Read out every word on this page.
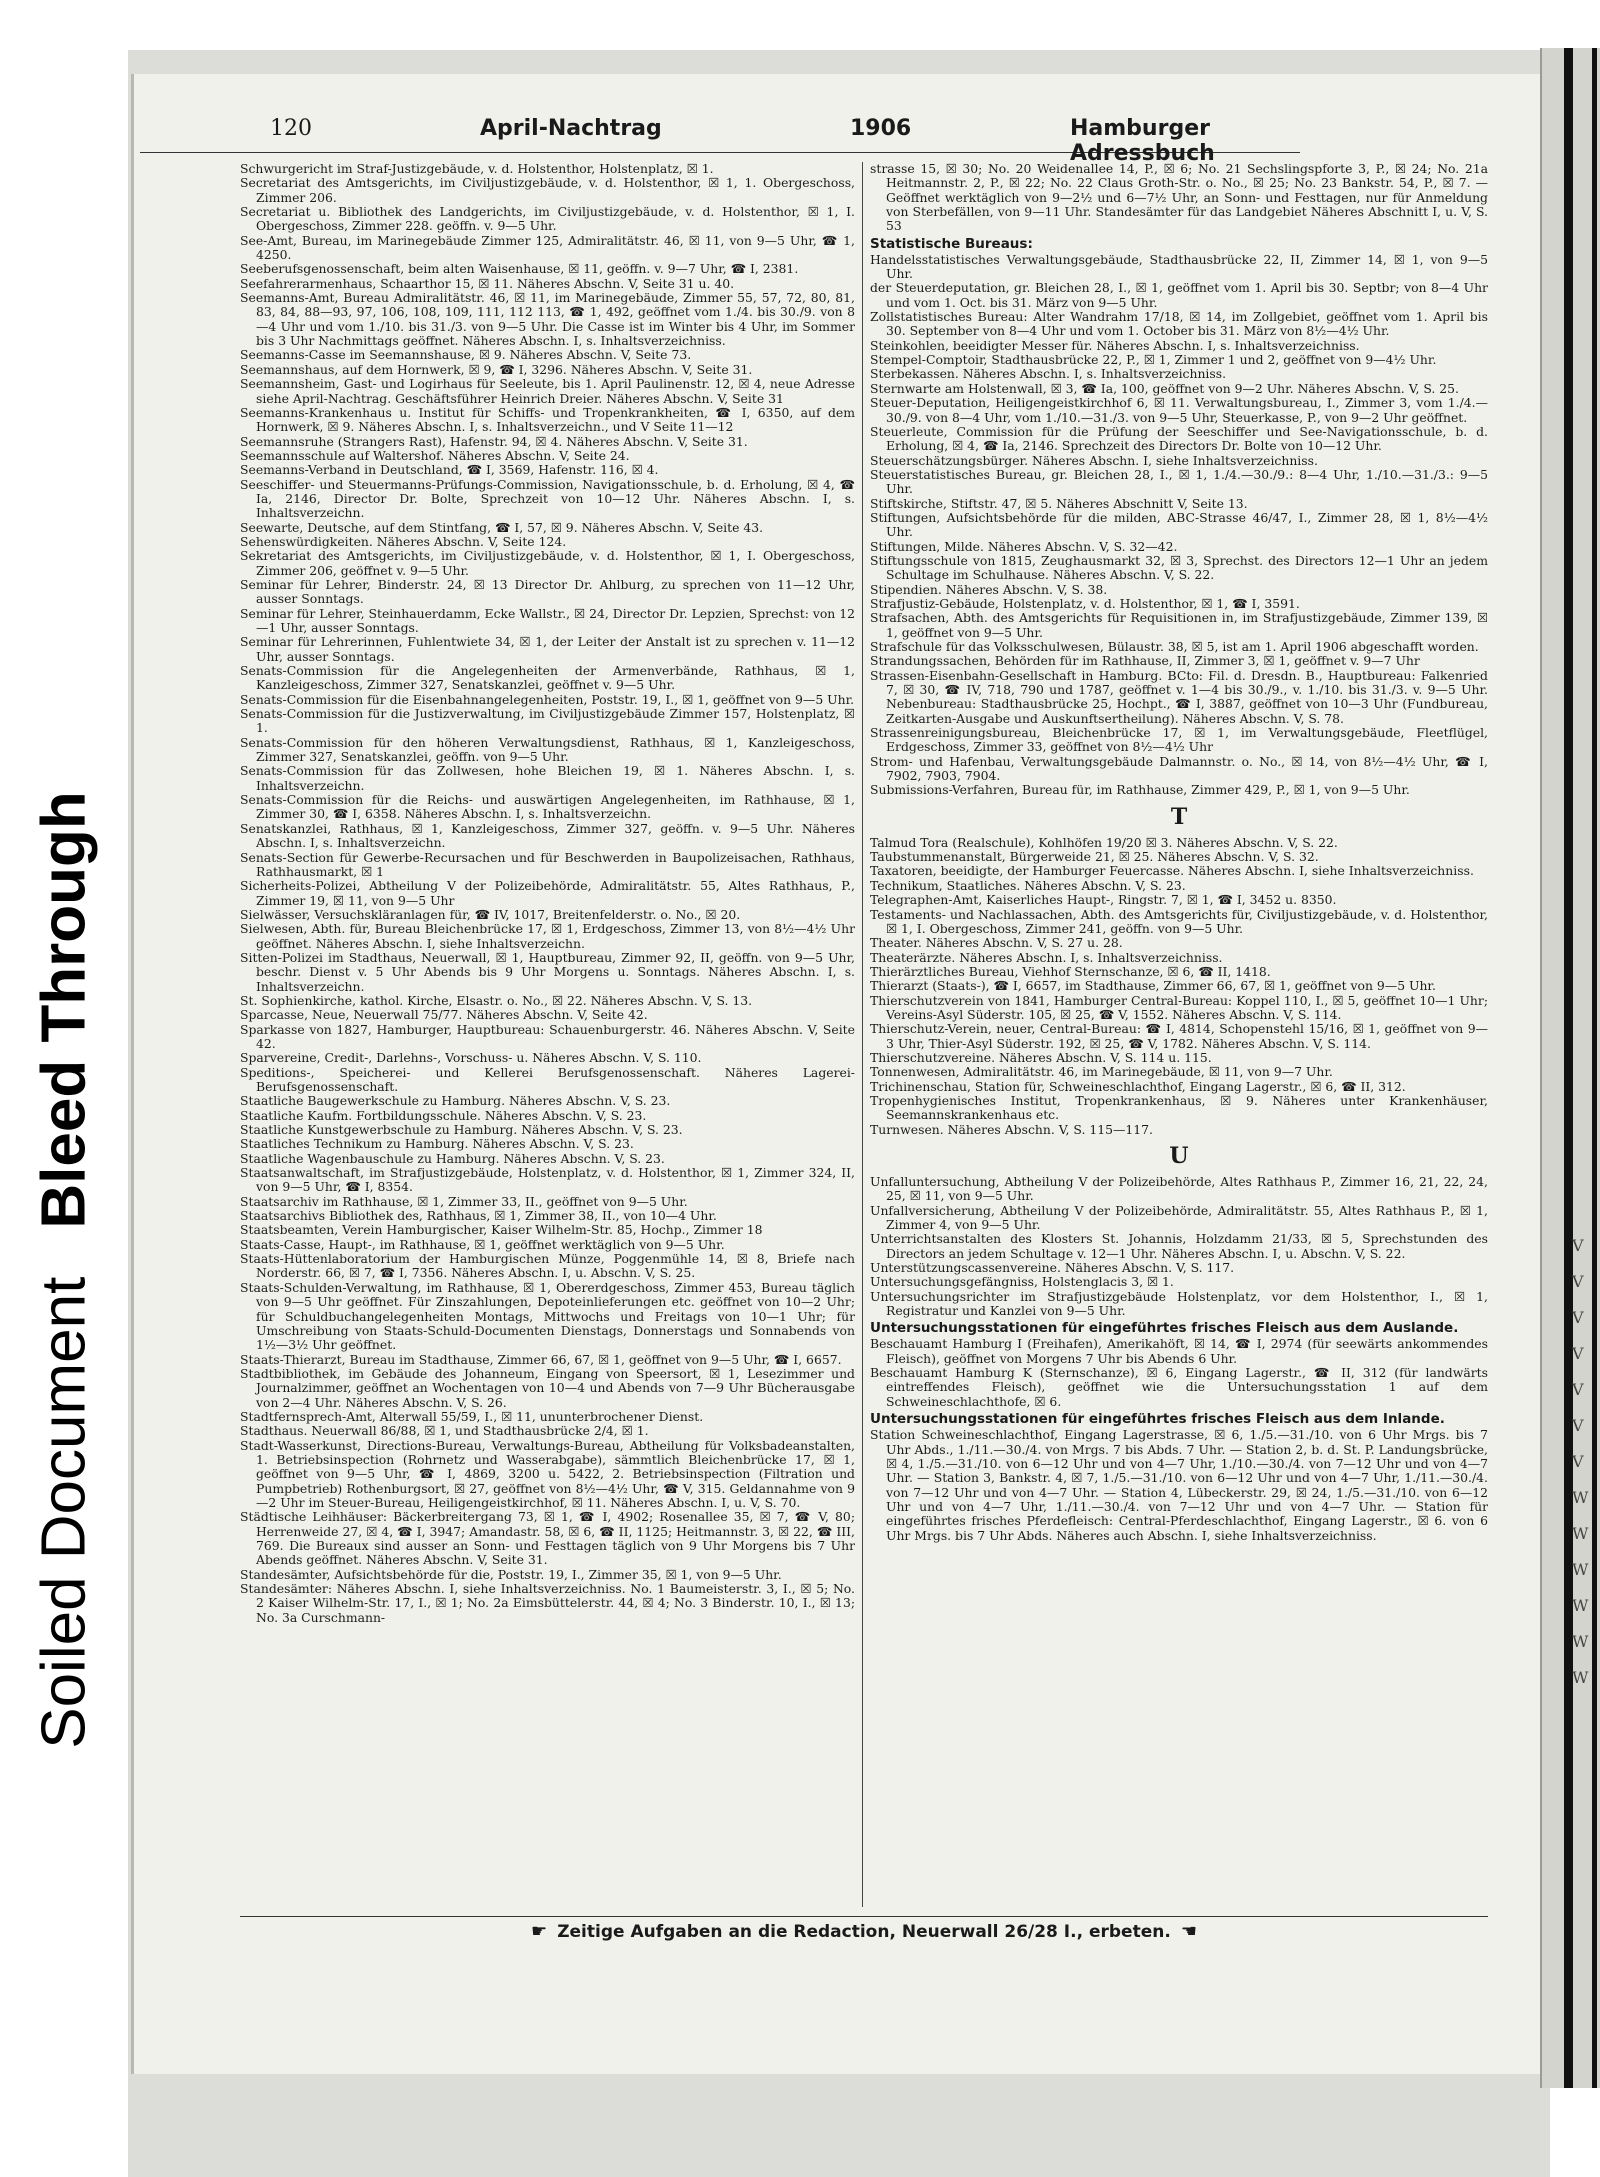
Soiled DocumentBleed Through
V
V
V
V
V
V
V
W
W
W
W
W
W
120	April-Nachtrag	1906	Hamburger Adressbuch

Schwurgericht im Straf-Justizgebäude, v. d. Holstenthor, Holstenplatz, ☒ 1.

Secretariat des Amtsgerichts, im Civiljustizgebäude, v. d. Holstenthor, ☒ 1, 1. Obergeschoss, Zimmer 206.

Secretariat u. Bibliothek des Landgerichts, im Civiljustizgebäude, v. d. Holstenthor, ☒ 1, I. Obergeschoss, Zimmer 228. geöffn. v. 9—5 Uhr.

See-Amt, Bureau, im Marinegebäude Zimmer 125, Admiralitätstr. 46, ☒ 11, von 9—5 Uhr, ☎ 1, 4250.

Seeberufsgenossenschaft, beim alten Waisenhause, ☒ 11, geöffn. v. 9—7 Uhr, ☎ I, 2381.

Seefahrerarmenhaus, Schaarthor 15, ☒ 11. Näheres Abschn. V, Seite 31 u. 40.

Seemanns-Amt, Bureau Admiralitätstr. 46, ☒ 11, im Marinegebäude, Zimmer 55, 57, 72, 80, 81, 83, 84, 88—93, 97, 106, 108, 109, 111, 112 113, ☎ 1, 492, geöffnet vom 1./4. bis 30./9. von 8—4 Uhr und vom 1./10. bis 31./3. von 9—5 Uhr. Die Casse ist im Winter bis 4 Uhr, im Sommer bis 3 Uhr Nachmittags geöffnet. Näheres Abschn. I, s. Inhaltsverzeichniss.

Seemanns-Casse im Seemannshause, ☒ 9. Näheres Abschn. V, Seite 73.

Seemannshaus, auf dem Hornwerk, ☒ 9, ☎ I, 3296. Näheres Abschn. V, Seite 31.

Seemannsheim, Gast- und Logirhaus für Seeleute, bis 1. April Paulinenstr. 12, ☒ 4, neue Adresse siehe April-Nachtrag. Geschäftsführer Heinrich Dreier. Näheres Abschn. V, Seite 31

Seemanns-Krankenhaus u. Institut für Schiffs- und Tropenkrankheiten, ☎ I, 6350, auf dem Hornwerk, ☒ 9. Näheres Abschn. I, s. Inhaltsverzeichn., und V Seite 11—12

Seemannsruhe (Strangers Rast), Hafenstr. 94, ☒ 4. Näheres Abschn. V, Seite 31.

Seemannsschule auf Waltershof. Näheres Abschn. V, Seite 24.

Seemanns-Verband in Deutschland, ☎ I, 3569, Hafenstr. 116, ☒ 4.

Seeschiffer- und Steuermanns-Prüfungs-Commission, Navigationsschule, b. d. Erholung, ☒ 4, ☎ Ia, 2146, Director Dr. Bolte, Sprechzeit von 10—12 Uhr. Näheres Abschn. I, s. Inhaltsverzeichn.

Seewarte, Deutsche, auf dem Stintfang, ☎ I, 57, ☒ 9. Näheres Abschn. V, Seite 43.

Sehenswürdigkeiten. Näheres Abschn. V, Seite 124.

Sekretariat des Amtsgerichts, im Civiljustizgebäude, v. d. Holstenthor, ☒ 1, I. Obergeschoss, Zimmer 206, geöffnet v. 9—5 Uhr.

Seminar für Lehrer, Binderstr. 24, ☒ 13 Director Dr. Ahlburg, zu sprechen von 11—12 Uhr, ausser Sonntags.

Seminar für Lehrer, Steinhauerdamm, Ecke Wallstr., ☒ 24, Director Dr. Lepzien, Sprechst: von 12—1 Uhr, ausser Sonntags.

Seminar für Lehrerinnen, Fuhlentwiete 34, ☒ 1, der Leiter der Anstalt ist zu sprechen v. 11—12 Uhr, ausser Sonntags.

Senats-Commission für die Angelegenheiten der Armenverbände, Rathhaus, ☒ 1, Kanzleigeschoss, Zimmer 327, Senatskanzlei, geöffnet v. 9—5 Uhr.

Senats-Commission für die Eisenbahnangelegenheiten, Poststr. 19, I., ☒ 1, geöffnet von 9—5 Uhr.

Senats-Commission für die Justizverwaltung, im Civiljustizgebäude Zimmer 157, Holstenplatz, ☒ 1.

Senats-Commission für den höheren Verwaltungsdienst, Rathhaus, ☒ 1, Kanzleigeschoss, Zimmer 327, Senatskanzlei, geöffn. von 9—5 Uhr.

Senats-Commission für das Zollwesen, hohe Bleichen 19, ☒ 1. Näheres Abschn. I, s. Inhaltsverzeichn.

Senats-Commission für die Reichs- und auswärtigen Angelegenheiten, im Rathhause, ☒ 1, Zimmer 30, ☎ I, 6358. Näheres Abschn. I, s. Inhaltsverzeichn.

Senatskanzlei, Rathhaus, ☒ 1, Kanzleigeschoss, Zimmer 327, geöffn. v. 9—5 Uhr. Näheres Abschn. I, s. Inhaltsverzeichn.

Senats-Section für Gewerbe-Recursachen und für Beschwerden in Baupolizeisachen, Rathhaus, Rathhausmarkt, ☒ 1

Sicherheits-Polizei, Abtheilung V der Polizeibehörde, Admiralitätstr. 55, Altes Rathhaus, P., Zimmer 19, ☒ 11, von 9—5 Uhr

Sielwässer, Versuchskläranlagen für, ☎ IV, 1017, Breitenfelderstr. o. No., ☒ 20.

Sielwesen, Abth. für, Bureau Bleichenbrücke 17, ☒ 1, Erdgeschoss, Zimmer 13, von 8½—4½ Uhr geöffnet. Näheres Abschn. I, siehe Inhaltsverzeichn.

Sitten-Polizei im Stadthaus, Neuerwall, ☒ 1, Hauptbureau, Zimmer 92, II, geöffn. von 9—5 Uhr, beschr. Dienst v. 5 Uhr Abends bis 9 Uhr Morgens u. Sonntags. Näheres Abschn. I, s. Inhaltsverzeichn.

St. Sophienkirche, kathol. Kirche, Elsastr. o. No., ☒ 22. Näheres Abschn. V, S. 13.

Sparcasse, Neue, Neuerwall 75/77. Näheres Abschn. V, Seite 42.

Sparkasse von 1827, Hamburger, Hauptbureau: Schauenburgerstr. 46. Näheres Abschn. V, Seite 42.

Sparvereine, Credit-, Darlehns-, Vorschuss- u. Näheres Abschn. V, S. 110.

Speditions-, Speicherei- und Kellerei Berufsgenossenschaft. Näheres Lagerei-Berufsgenossenschaft.

Staatliche Baugewerkschule zu Hamburg. Näheres Abschn. V, S. 23.

Staatliche Kaufm. Fortbildungsschule. Näheres Abschn. V, S. 23.

Staatliche Kunstgewerbschule zu Hamburg. Näheres Abschn. V, S. 23.

Staatliches Technikum zu Hamburg. Näheres Abschn. V, S. 23.

Staatliche Wagenbauschule zu Hamburg. Näheres Abschn. V, S. 23.

Staatsanwaltschaft, im Strafjustizgebäude, Holstenplatz, v. d. Holstenthor, ☒ 1, Zimmer 324, II, von 9—5 Uhr, ☎ I, 8354.

Staatsarchiv im Rathhause, ☒ 1, Zimmer 33, II., geöffnet von 9—5 Uhr.

Staatsarchivs Bibliothek des, Rathhaus, ☒ 1, Zimmer 38, II., von 10—4 Uhr.

Staatsbeamten, Verein Hamburgischer, Kaiser Wilhelm-Str. 85, Hochp., Zimmer 18

Staats-Casse, Haupt-, im Rathhause, ☒ 1, geöffnet werktäglich von 9—5 Uhr.

Staats-Hüttenlaboratorium der Hamburgischen Münze, Poggenmühle 14, ☒ 8, Briefe nach Norderstr. 66, ☒ 7, ☎ I, 7356. Näheres Abschn. I, u. Abschn. V, S. 25.

Staats-Schulden-Verwaltung, im Rathhause, ☒ 1, Obererdgeschoss, Zimmer 453, Bureau täglich von 9—5 Uhr geöffnet. Für Zinszahlungen, Depoteinlieferungen etc. geöffnet von 10—2 Uhr; für Schuldbuchangelegenheiten Montags, Mittwochs und Freitags von 10—1 Uhr; für Umschreibung von Staats-Schuld-Documenten Dienstags, Donnerstags und Sonnabends von 1½—3½ Uhr geöffnet.

Staats-Thierarzt, Bureau im Stadthause, Zimmer 66, 67, ☒ 1, geöffnet von 9—5 Uhr, ☎ I, 6657.

Stadtbibliothek, im Gebäude des Johanneum, Eingang von Speersort, ☒ 1, Lesezimmer und Journalzimmer, geöffnet an Wochentagen von 10—4 und Abends von 7—9 Uhr Bücherausgabe von 2—4 Uhr. Näheres Abschn. V, S. 26.

Stadtfernsprech-Amt, Alterwall 55/59, I., ☒ 11, ununterbrochener Dienst.

Stadthaus. Neuerwall 86/88, ☒ 1, und Stadthausbrücke 2/4, ☒ 1.

Stadt-Wasserkunst, Directions-Bureau, Verwaltungs-Bureau, Abtheilung für Volksbadeanstalten, 1. Betriebsinspection (Rohrnetz und Wasserabgabe), sämmtlich Bleichenbrücke 17, ☒ 1, geöffnet von 9—5 Uhr, ☎ I, 4869, 3200 u. 5422, 2. Betriebsinspection (Filtration und Pumpbetrieb) Rothenburgsort, ☒ 27, geöffnet von 8½—4½ Uhr, ☎ V, 315. Geldannahme von 9—2 Uhr im Steuer-Bureau, Heiligengeistkirchhof, ☒ 11. Näheres Abschn. I, u. V, S. 70.

Städtische Leihhäuser: Bäckerbreitergang 73, ☒ 1, ☎ I, 4902; Rosenallee 35, ☒ 7, ☎ V, 80; Herrenweide 27, ☒ 4, ☎ I, 3947; Amandastr. 58, ☒ 6, ☎ II, 1125; Heitmannstr. 3, ☒ 22, ☎ III, 769. Die Bureaux sind ausser an Sonn- und Festtagen täglich von 9 Uhr Morgens bis 7 Uhr Abends geöffnet. Näheres Abschn. V, Seite 31.

Standesämter, Aufsichtsbehörde für die, Poststr. 19, I., Zimmer 35, ☒ 1, von 9—5 Uhr.

Standesämter: Näheres Abschn. I, siehe Inhaltsverzeichniss. No. 1 Baumeisterstr. 3, I., ☒ 5; No. 2 Kaiser Wilhelm-Str. 17, I., ☒ 1; No. 2a Eimsbüttelerstr. 44, ☒ 4; No. 3 Binderstr. 10, I., ☒ 13; No. 3a Curschmann-

strasse 15, ☒ 30; No. 20 Weidenallee 14, P., ☒ 6; No. 21 Sechslingspforte 3, P., ☒ 24; No. 21a Heitmannstr. 2, P., ☒ 22; No. 22 Claus Groth-Str. o. No., ☒ 25; No. 23 Bankstr. 54, P., ☒ 7. — Geöffnet werktäglich von 9—2½ und 6—7½ Uhr, an Sonn- und Festtagen, nur für Anmeldung von Sterbefällen, von 9—11 Uhr. Standesämter für das Landgebiet Näheres Abschnitt I, u. V, S. 53

Statistische Bureaus:

Handelsstatistisches Verwaltungsgebäude, Stadthausbrücke 22, II, Zimmer 14, ☒ 1, von 9—5 Uhr.

der Steuerdeputation, gr. Bleichen 28, I., ☒ 1, geöffnet vom 1. April bis 30. Septbr; von 8—4 Uhr und vom 1. Oct. bis 31. März von 9—5 Uhr.

Zollstatistisches Bureau: Alter Wandrahm 17/18, ☒ 14, im Zollgebiet, geöffnet vom 1. April bis 30. September von 8—4 Uhr und vom 1. October bis 31. März von 8½—4½ Uhr.

Steinkohlen, beeidigter Messer für. Näheres Abschn. I, s. Inhaltsverzeichniss.

Stempel-Comptoir, Stadthausbrücke 22, P., ☒ 1, Zimmer 1 und 2, geöffnet von 9—4½ Uhr.

Sterbekassen. Näheres Abschn. I, s. Inhaltsverzeichniss.

Sternwarte am Holstenwall, ☒ 3, ☎ Ia, 100, geöffnet von 9—2 Uhr. Näheres Abschn. V, S. 25.

Steuer-Deputation, Heiligengeistkirchhof 6, ☒ 11. Verwaltungsbureau, I., Zimmer 3, vom 1./4.—30./9. von 8—4 Uhr, vom 1./10.—31./3. von 9—5 Uhr, Steuerkasse, P., von 9—2 Uhr geöffnet.

Steuerleute, Commission für die Prüfung der Seeschiffer und See-Navigationsschule, b. d. Erholung, ☒ 4, ☎ Ia, 2146. Sprechzeit des Directors Dr. Bolte von 10—12 Uhr.

Steuerschätzungsbürger. Näheres Abschn. I, siehe Inhaltsverzeichniss.

Steuerstatistisches Bureau, gr. Bleichen 28, I., ☒ 1, 1./4.—30./9.: 8—4 Uhr, 1./10.—31./3.: 9—5 Uhr.

Stiftskirche, Stiftstr. 47, ☒ 5. Näheres Abschnitt V, Seite 13.

Stiftungen, Aufsichtsbehörde für die milden, ABC-Strasse 46/47, I., Zimmer 28, ☒ 1, 8½—4½ Uhr.

Stiftungen, Milde. Näheres Abschn. V, S. 32—42.

Stiftungsschule von 1815, Zeughausmarkt 32, ☒ 3, Sprechst. des Directors 12—1 Uhr an jedem Schultage im Schulhause. Näheres Abschn. V, S. 22.

Stipendien. Näheres Abschn. V, S. 38.

Strafjustiz-Gebäude, Holstenplatz, v. d. Holstenthor, ☒ 1, ☎ I, 3591.

Strafsachen, Abth. des Amtsgerichts für Requisitionen in, im Strafjustizgebäude, Zimmer 139, ☒ 1, geöffnet von 9—5 Uhr.

Strafschule für das Volksschulwesen, Bülaustr. 38, ☒ 5, ist am 1. April 1906 abgeschafft worden.

Strandungssachen, Behörden für im Rathhause, II, Zimmer 3, ☒ 1, geöffnet v. 9—7 Uhr

Strassen-Eisenbahn-Gesellschaft in Hamburg. BCto: Fil. d. Dresdn. B., Hauptbureau: Falkenried 7, ☒ 30, ☎ IV, 718, 790 und 1787, geöffnet v. 1—4 bis 30./9., v. 1./10. bis 31./3. v. 9—5 Uhr. Nebenbureau: Stadthausbrücke 25, Hochpt., ☎ I, 3887, geöffnet von 10—3 Uhr (Fundbureau, Zeitkarten-Ausgabe und Auskunftsertheilung). Näheres Abschn. V, S. 78.

Strassenreinigungsbureau, Bleichenbrücke 17, ☒ 1, im Verwaltungsgebäude, Fleetflügel, Erdgeschoss, Zimmer 33, geöffnet von 8½—4½ Uhr

Strom- und Hafenbau, Verwaltungsgebäude Dalmannstr. o. No., ☒ 14, von 8½—4½ Uhr, ☎ I, 7902, 7903, 7904.

Submissions-Verfahren, Bureau für, im Rathhause, Zimmer 429, P., ☒ 1, von 9—5 Uhr.

T

Talmud Tora (Realschule), Kohlhöfen 19/20 ☒ 3. Näheres Abschn. V, S. 22.

Taubstummenanstalt, Bürgerweide 21, ☒ 25. Näheres Abschn. V, S. 32.

Taxatoren, beeidigte, der Hamburger Feuercasse. Näheres Abschn. I, siehe Inhaltsverzeichniss.

Technikum, Staatliches. Näheres Abschn. V, S. 23.

Telegraphen-Amt, Kaiserliches Haupt-, Ringstr. 7, ☒ 1, ☎ I, 3452 u. 8350.

Testaments- und Nachlassachen, Abth. des Amtsgerichts für, Civiljustizgebäude, v. d. Holstenthor, ☒ 1, I. Obergeschoss, Zimmer 241, geöffn. von 9—5 Uhr.

Theater. Näheres Abschn. V, S. 27 u. 28.

Theaterärzte. Näheres Abschn. I, s. Inhaltsverzeichniss.

Thierärztliches Bureau, Viehhof Sternschanze, ☒ 6, ☎ II, 1418.

Thierarzt (Staats-), ☎ I, 6657, im Stadthause, Zimmer 66, 67, ☒ 1, geöffnet von 9—5 Uhr.

Thierschutzverein von 1841, Hamburger Central-Bureau: Koppel 110, I., ☒ 5, geöffnet 10—1 Uhr; Vereins-Asyl Süderstr. 105, ☒ 25, ☎ V, 1552. Näheres Abschn. V, S. 114.

Thierschutz-Verein, neuer, Central-Bureau: ☎ I, 4814, Schopenstehl 15/16, ☒ 1, geöffnet von 9—3 Uhr, Thier-Asyl Süderstr. 192, ☒ 25, ☎ V, 1782. Näheres Abschn. V, S. 114.

Thierschutzvereine. Näheres Abschn. V, S. 114 u. 115.

Tonnenwesen, Admiralitätstr. 46, im Marinegebäude, ☒ 11, von 9—7 Uhr.

Trichinenschau, Station für, Schweineschlachthof, Eingang Lagerstr., ☒ 6, ☎ II, 312.

Tropenhygienisches Institut, Tropenkrankenhaus, ☒ 9. Näheres unter Krankenhäuser, Seemannskrankenhaus etc.

Turnwesen. Näheres Abschn. V, S. 115—117.

U

Unfalluntersuchung, Abtheilung V der Polizeibehörde, Altes Rathhaus P., Zimmer 16, 21, 22, 24, 25, ☒ 11, von 9—5 Uhr.

Unfallversicherung, Abtheilung V der Polizeibehörde, Admiralitätstr. 55, Altes Rathhaus P., ☒ 1, Zimmer 4, von 9—5 Uhr.

Unterrichtsanstalten des Klosters St. Johannis, Holzdamm 21/33, ☒ 5, Sprechstunden des Directors an jedem Schultage v. 12—1 Uhr. Näheres Abschn. I, u. Abschn. V, S. 22.

Unterstützungscassenvereine. Näheres Abschn. V, S. 117.

Untersuchungsgefängniss, Holstenglacis 3, ☒ 1.

Untersuchungsrichter im Strafjustizgebäude Holstenplatz, vor dem Holstenthor, I., ☒ 1, Registratur und Kanzlei von 9—5 Uhr.

Untersuchungsstationen für eingeführtes frisches Fleisch aus dem Auslande.

Beschauamt Hamburg I (Freihafen), Amerikahöft, ☒ 14, ☎ I, 2974 (für seewärts ankommendes Fleisch), geöffnet von Morgens 7 Uhr bis Abends 6 Uhr.

Beschauamt Hamburg K (Sternschanze), ☒ 6, Eingang Lagerstr., ☎ II, 312 (für landwärts eintreffendes Fleisch), geöffnet wie die Untersuchungsstation 1 auf dem Schweineschlachthofe, ☒ 6.

Untersuchungsstationen für eingeführtes frisches Fleisch aus dem Inlande.

Station Schweineschlachthof, Eingang Lagerstrasse, ☒ 6, 1./5.—31./10. von 6 Uhr Mrgs. bis 7 Uhr Abds., 1./11.—30./4. von Mrgs. 7 bis Abds. 7 Uhr. — Station 2, b. d. St. P. Landungsbrücke, ☒ 4, 1./5.—31./10. von 6—12 Uhr und von 4—7 Uhr, 1./10.—30./4. von 7—12 Uhr und von 4—7 Uhr. — Station 3, Bankstr. 4, ☒ 7, 1./5.—31./10. von 6—12 Uhr und von 4—7 Uhr, 1./11.—30./4. von 7—12 Uhr und von 4—7 Uhr. — Station 4, Lübeckerstr. 29, ☒ 24, 1./5.—31./10. von 6—12 Uhr und von 4—7 Uhr, 1./11.—30./4. von 7—12 Uhr und von 4—7 Uhr. — Station für eingeführtes frisches Pferdefleisch: Central-Pferdeschlachthof, Eingang Lagerstr., ☒ 6. von 6 Uhr Mrgs. bis 7 Uhr Abds. Näheres auch Abschn. I, siehe Inhaltsverzeichniss.

☛ Zeitige Aufgaben an die Redaction, Neuerwall 26/28 I., erbeten. ☚
